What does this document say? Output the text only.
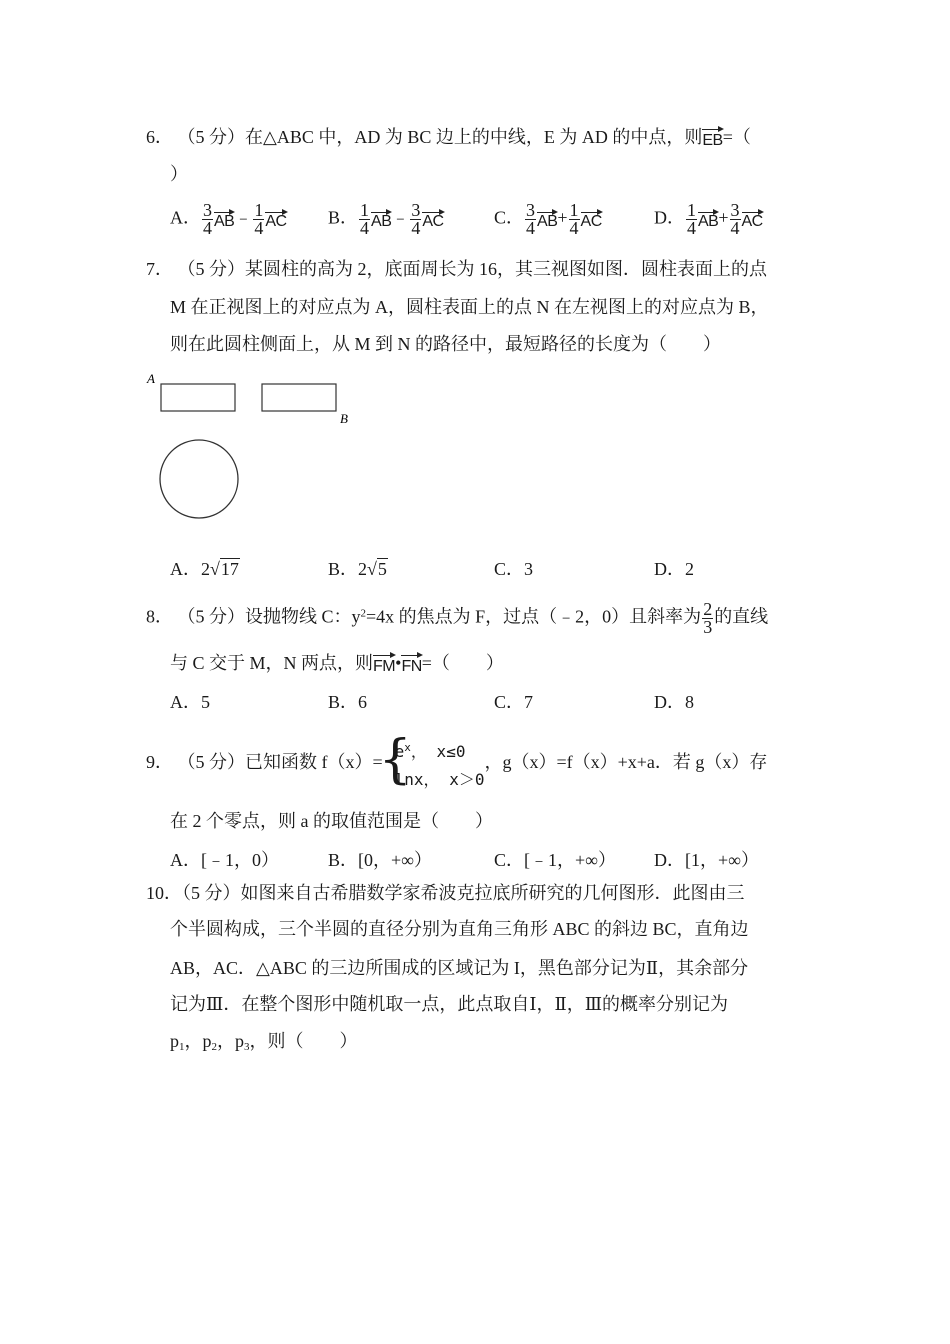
6． （5 分）在△ABC 中，AD 为 BC 边上的中线，E 为 AD 的中点，则EB=（
）
A． $\frac{3}{4}$ AB﹣ $\frac{1}{4}$ AC B． $\frac{1}{4}$ AB﹣ $\frac{3}{4}$ AC	C． $\frac{3}{4} AB+ \frac{1}{4}$ AC	D． $\frac{1}{4} AB+ \frac{3}{4}$ AC
7． （5 分）某圆柱的高为 2，底面周长为 16，其三视图如图．圆柱表面上的点
M 在正视图上的对应点为 A，圆柱表面上的点 N 在左视图上的对应点为 B，
则在此圆柱侧面上，从 M 到 N 的路径中，最短路径的长度为（　　）
A
B
A．2√17	B．2√5	C．3	D．2
8． （5 分）设抛物线 C：$y^2=4x$ 的焦点为 F，过点（﹣2，0）且斜率为 $\frac{2}{3}$ 的直线
与 C 交于 M，N 两点，则FM•FN=（　　）
A．5	B．6	C．7	D．8
9． （5 分）已知函数 f（x）=
{ $e^x$， x≤0
lnx， x＞0
，g（x）=f（x）+x+a．若 g（x）存
在 2 个零点，则 a 的取值范围是（　　）
A．[﹣1，0）	B．[0，+∞）	C．[﹣1，+∞） D．[1，+∞）
10．（5 分）如图来自古希腊数学家希波克拉底所研究的几何图形．此图由三
个半圆构成，三个半圆的直径分别为直角三角形 ABC 的斜边 BC，直角边
AB，AC．△ABC 的三边所围成的区域记为 I，黑色部分记为Ⅱ，其余部分
记为Ⅲ．在整个图形中随机取一点，此点取自Ⅰ，Ⅱ，Ⅲ的概率分别记为
$p_1$，$p_2$，$p_3$，则（　　）
